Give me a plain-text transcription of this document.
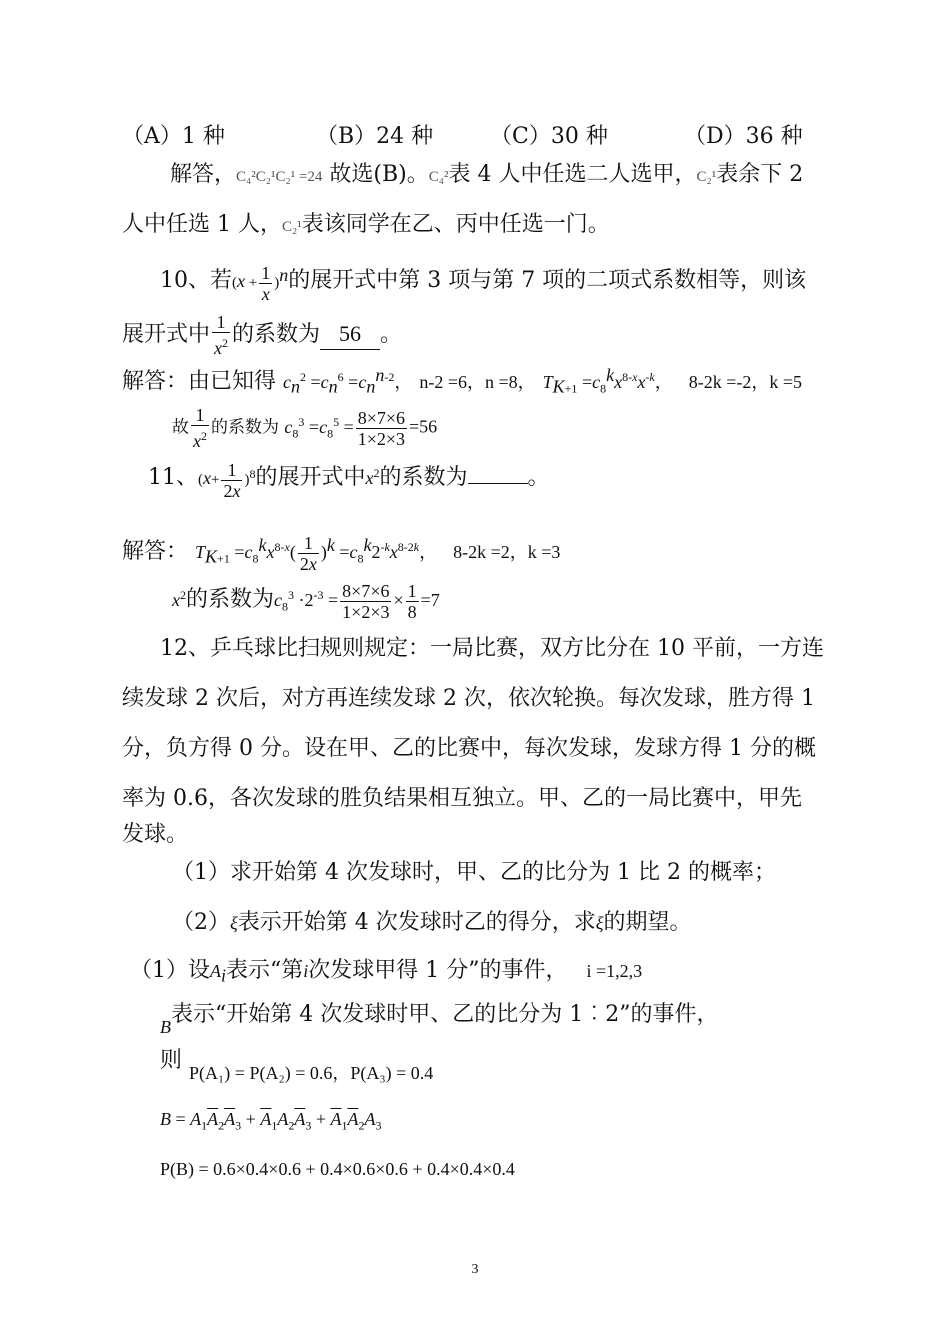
（A）1 种	（B）24 种	（C）30 种	（D）36 种
解答，C₄²C₂¹C₂¹ =24 故选(B)。C₄²表 4 人中任选二人选甲，C₂¹表余下 2
人中任选 1 人，C₂¹表该同学在乙、丙中任选一门。
10、若$(x + \frac{1}{x} )^n$的展开式中第 3 项与第 7 项的二项式系数相等，则该
展开式中 $\frac{1}{x^2}$ 的系数为 56 。
解答：由已知得 $c_n^2 =c_n^6 =c_n^{n-2}$， n-2 =6，n =8， $T_{K+1} =c_8^kx^{8-x}x^{-k}$，   8-2k =-2，k =5
故 $\frac{1}{x^2}$ 的系数为 $c_8^3 =c_8^5 = \frac{8\times 7\times 6}{1\times 2\times 3} =56$
11、$(x+ \frac{1}{2x} )^8$的展开式中$x^2$的系数为	。
解答： $T_{K+1} =c_8^kx^{8-x}( \frac{1}{2x} )^k =c_8^k2^{-k}x^{8-2k}$，   8-2k =2，k =3
$x^2$的系数为$c_8^3 \cdot 2^{-3} = \frac{8\times 7\times 6}{1\times 2\times 3} \times \frac{1}{8} =7$
12、乒乓球比扫规则规定：一局比赛，双方比分在 10 平前，一方连
续发球 2 次后，对方再连续发球 2 次，依次轮换。每次发球，胜方得 1
分，负方得 0 分。设在甲、乙的比赛中，每次发球，发球方得 1 分的概
率为 0.6，各次发球的胜负结果相互独立。甲、乙的一局比赛中，甲先
发球。
（1）求开始第 4 次发球时，甲、乙的比分为 1 比 2 的概率；
（2）ξ表示开始第 4 次发球时乙的得分，求ξ的期望。
（1）设$A_i$表示“第i次发球甲得 1 分”的事件， i =1,2,3
$_B$表示“开始第 4 次发球时甲、乙的比分为 1︰2”的事件，
则 $_{P(A_1) = P(A_2) = 0.6,P(A_3) = 0.4}$
$B = A_1\overline{A}_2\overline{A}_3 + \overline{A}_1A_2\overline{A}_3 + \overline{A}_1\overline{A}_2A_3$
P(B) = 0.6×0.4×0.6 + 0.4×0.6×0.6 + 0.4×0.4×0.4
3
